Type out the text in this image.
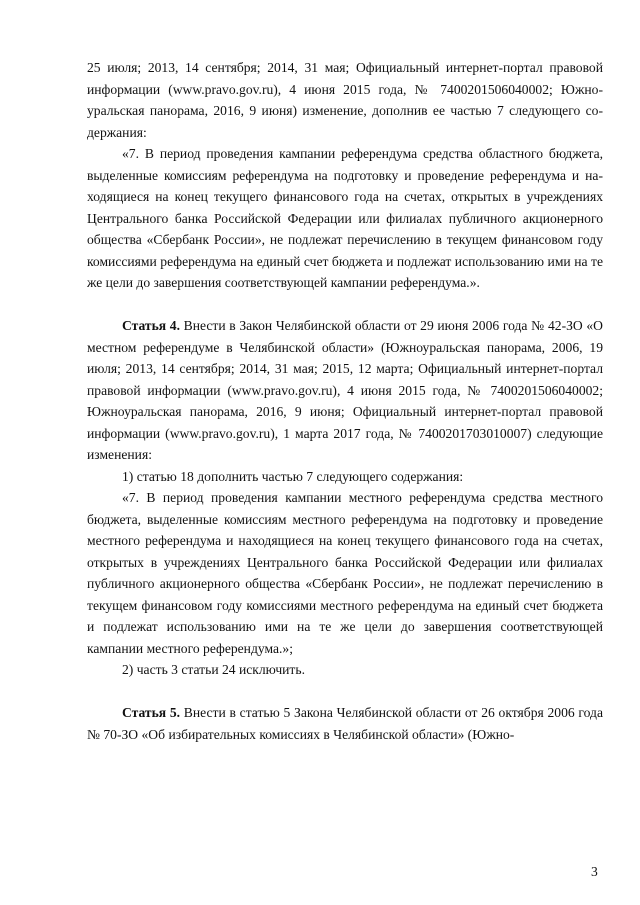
25 июля; 2013, 14 сентября; 2014, 31 мая; Официальный интернет-портал правовой информации (www.pravo.gov.ru), 4 июня 2015 года, № 7400201506040002; Южноуральская панорама, 2016, 9 июня) изменение, дополнив ее частью 7 следующего содержания:

«7. В период проведения кампании референдума средства областного бюджета, выделенные комиссиям референдума на подготовку и проведение референдума и находящиеся на конец текущего финансового года на счетах, открытых в учреждениях Центрального банка Российской Федерации или филиалах публичного акционерного общества «Сбербанк России», не подлежат перечислению в текущем финансовом году комиссиями референдума на единый счет бюджета и подлежат использованию ими на те же цели до завершения соответствующей кампании референдума.».

Статья 4. Внести в Закон Челябинской области от 29 июня 2006 года № 42-ЗО «О местном референдуме в Челябинской области» (Южноуральская панорама, 2006, 19 июля; 2013, 14 сентября; 2014, 31 мая; 2015, 12 марта; Официальный интернет-портал правовой информации (www.pravo.gov.ru), 4 июня 2015 года, № 7400201506040002; Южноуральская панорама, 2016, 9 июня; Официальный интернет-портал правовой информации (www.pravo.gov.ru), 1 марта 2017 года, № 7400201703010007) следующие изменения:

1) статью 18 дополнить частью 7 следующего содержания:

«7. В период проведения кампании местного референдума средства местного бюджета, выделенные комиссиям местного референдума на подготовку и проведение местного референдума и находящиеся на конец текущего финансового года на счетах, открытых в учреждениях Центрального банка Российской Федерации или филиалах публичного акционерного общества «Сбербанк России», не подлежат перечислению в текущем финансовом году комиссиями местного референдума на единый счет бюджета и подлежат использованию ими на те же цели до завершения соответствующей кампании местного референдума.»;

2) часть 3 статьи 24 исключить.

Статья 5. Внести в статью 5 Закона Челябинской области от 26 октября 2006 года № 70-ЗО «Об избирательных комиссиях в Челябинской области» (Южно-

3
